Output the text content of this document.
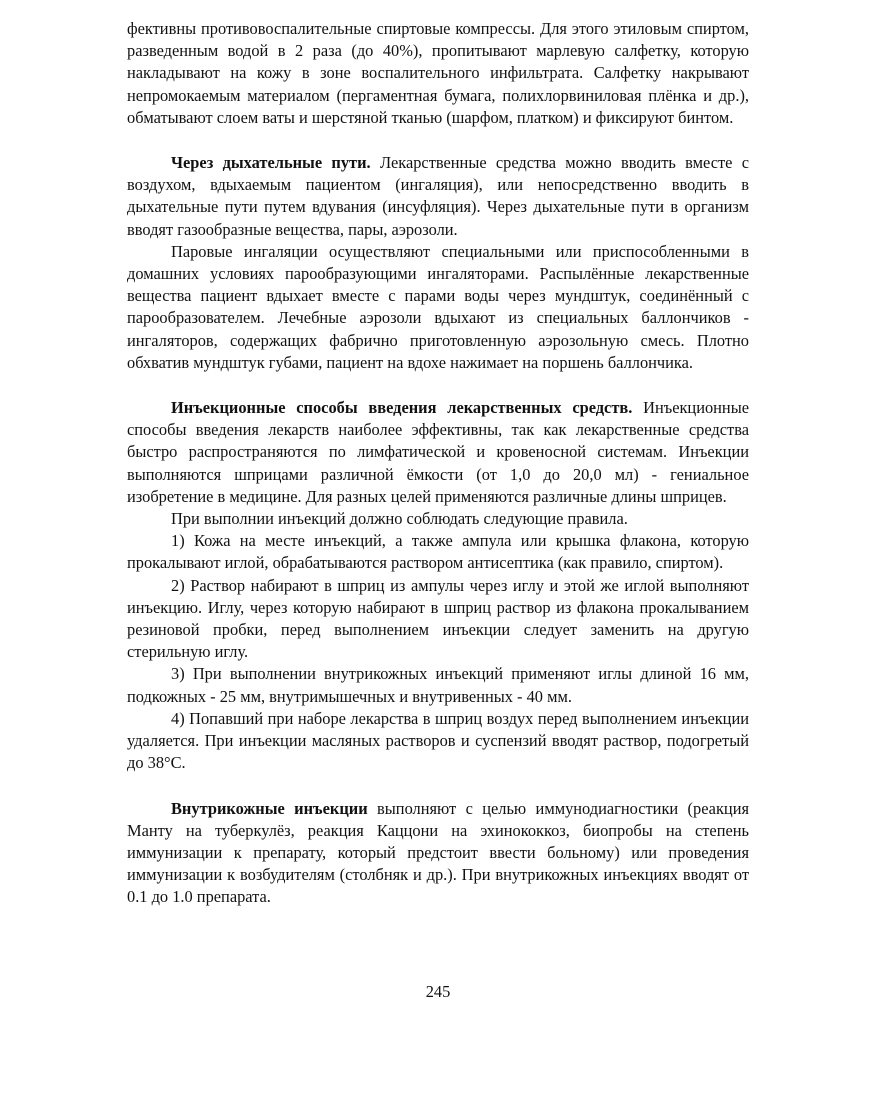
фективны противовоспалительные спиртовые компрессы. Для этого этиловым спиртом, разведенным водой в 2 раза (до 40%), пропитывают марлевую салфетку, которую накладывают на кожу в зоне воспалительного инфильтрата. Салфетку накрывают непромокаемым материалом (пергаментная бумага, полихлорвиниловая плёнка и др.), обматывают слоем ваты и шерстяной тканью (шарфом, платком) и фиксируют бинтом.

Через дыхательные пути. Лекарственные средства можно вводить вместе с воздухом, вдыхаемым пациентом (ингаляция), или непосредственно вводить в дыхательные пути путем вдувания (инсуфляция). Через дыхательные пути в организм вводят газообразные вещества, пары, аэрозоли.

Паровые ингаляции осуществляют специальными или приспособленными в домашних условиях парообразующими ингаляторами. Распылённые лекарственные вещества пациент вдыхает вместе с парами воды через мундштук, соединённый с парообразователем. Лечебные аэрозоли вдыхают из специальных баллончиков - ингаляторов, содержащих фабрично приготовленную аэрозольную смесь. Плотно обхватив мундштук губами, пациент на вдохе нажимает на поршень баллончика.

Инъекционные способы введения лекарственных средств. Инъекционные способы введения лекарств наиболее эффективны, так как лекарственные средства быстро распространяются по лимфатической и кровеносной системам. Инъекции выполняются шприцами различной ёмкости (от 1,0 до 20,0 мл) - гениальное изобретение в медицине. Для разных целей применяются различные длины шприцев.

При выполнии инъекций должно соблюдать следующие правила.

1) Кожа на месте инъекций, а также ампула или крышка флакона, которую прокалывают иглой, обрабатываются раствором антисептика (как правило, спиртом).

2) Раствор набирают в шприц из ампулы через иглу и этой же иглой выполняют инъекцию. Иглу, через которую набирают в шприц раствор из флакона прокалыванием резиновой пробки, перед выполнением инъекции следует заменить на другую стерильную иглу.

3) При выполнении внутрикожных инъекций применяют иглы длиной 16 мм, подкожных - 25 мм, внутримышечных и внутривенных - 40 мм.

4) Попавший при наборе лекарства в шприц воздух перед выполнением инъекции удаляется. При инъекции масляных растворов и суспензий вводят раствор, подогретый до 38°С.

Внутрикожные инъекции выполняют с целью иммунодиагностики (реакция Манту на туберкулёз, реакция Каццони на эхинококкоз, биопробы на степень иммунизации к препарату, который предстоит ввести больному) или проведения иммунизации к возбудителям (столбняк и др.). При внутрикожных инъекциях вводят от 0.1 до 1.0 препарата.

245
